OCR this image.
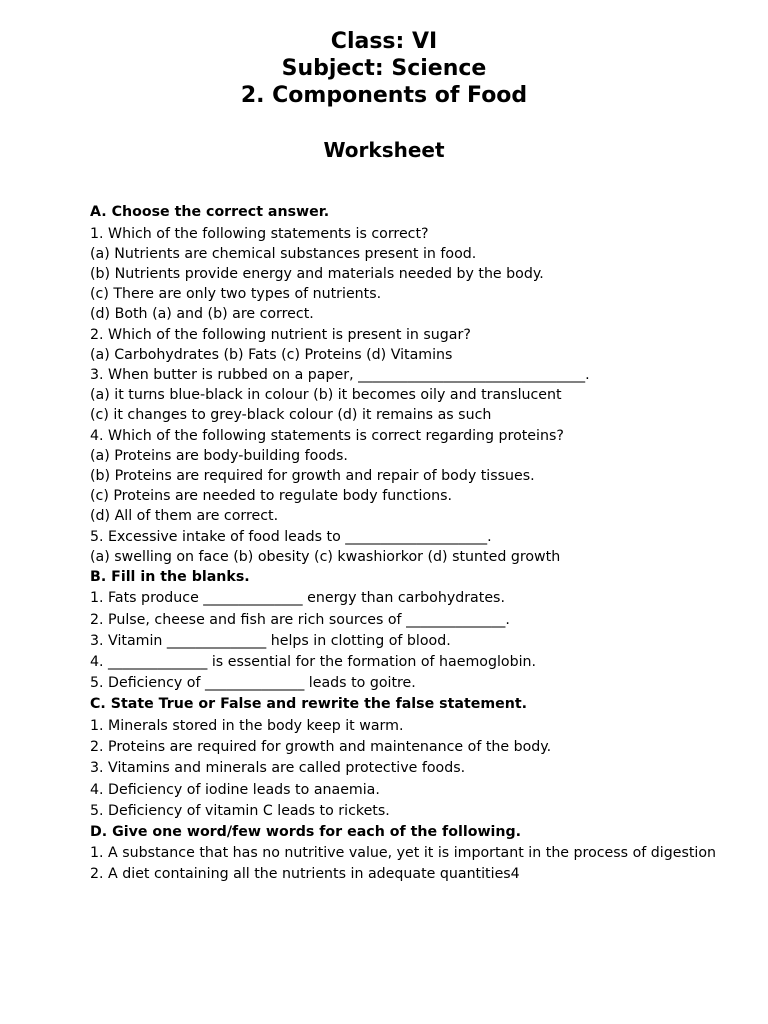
Class: VI
Subject: Science
2. Components of Food
Worksheet
A. Choose the correct answer.
1. Which of the following statements is correct?
(a) Nutrients are chemical substances present in food.
(b) Nutrients provide energy and materials needed by the body.
(c) There are only two types of nutrients.
(d) Both (a) and (b) are correct.
2. Which of the following nutrient is present in sugar?
(a) Carbohydrates (b) Fats (c) Proteins (d) Vitamins
3. When butter is rubbed on a paper, ________________________________.
(a) it turns blue-black in colour (b) it becomes oily and translucent
(c) it changes to grey-black colour (d) it remains as such
4. Which of the following statements is correct regarding proteins?
(a) Proteins are body-building foods.
(b) Proteins are required for growth and repair of body tissues.
(c) Proteins are needed to regulate body functions.
(d) All of them are correct.
5. Excessive intake of food leads to ____________________.
(a) swelling on face (b) obesity (c) kwashiorkor (d) stunted growth
B. Fill in the blanks.
1. Fats produce ______________ energy than carbohydrates.
2. Pulse, cheese and fish are rich sources of ______________.
3. Vitamin ______________ helps in clotting of blood.
4. ______________ is essential for the formation of haemoglobin.
5. Deficiency of ______________ leads to goitre.
C. State True or False and rewrite the false statement.
1. Minerals stored in the body keep it warm.
2. Proteins are required for growth and maintenance of the body.
3. Vitamins and minerals are called protective foods.
4. Deficiency of iodine leads to anaemia.
5. Deficiency of vitamin C leads to rickets.
D. Give one word/few words for each of the following.
1. A substance that has no nutritive value, yet it is important in the process of digestion
2. A diet containing all the nutrients in adequate quantities4
